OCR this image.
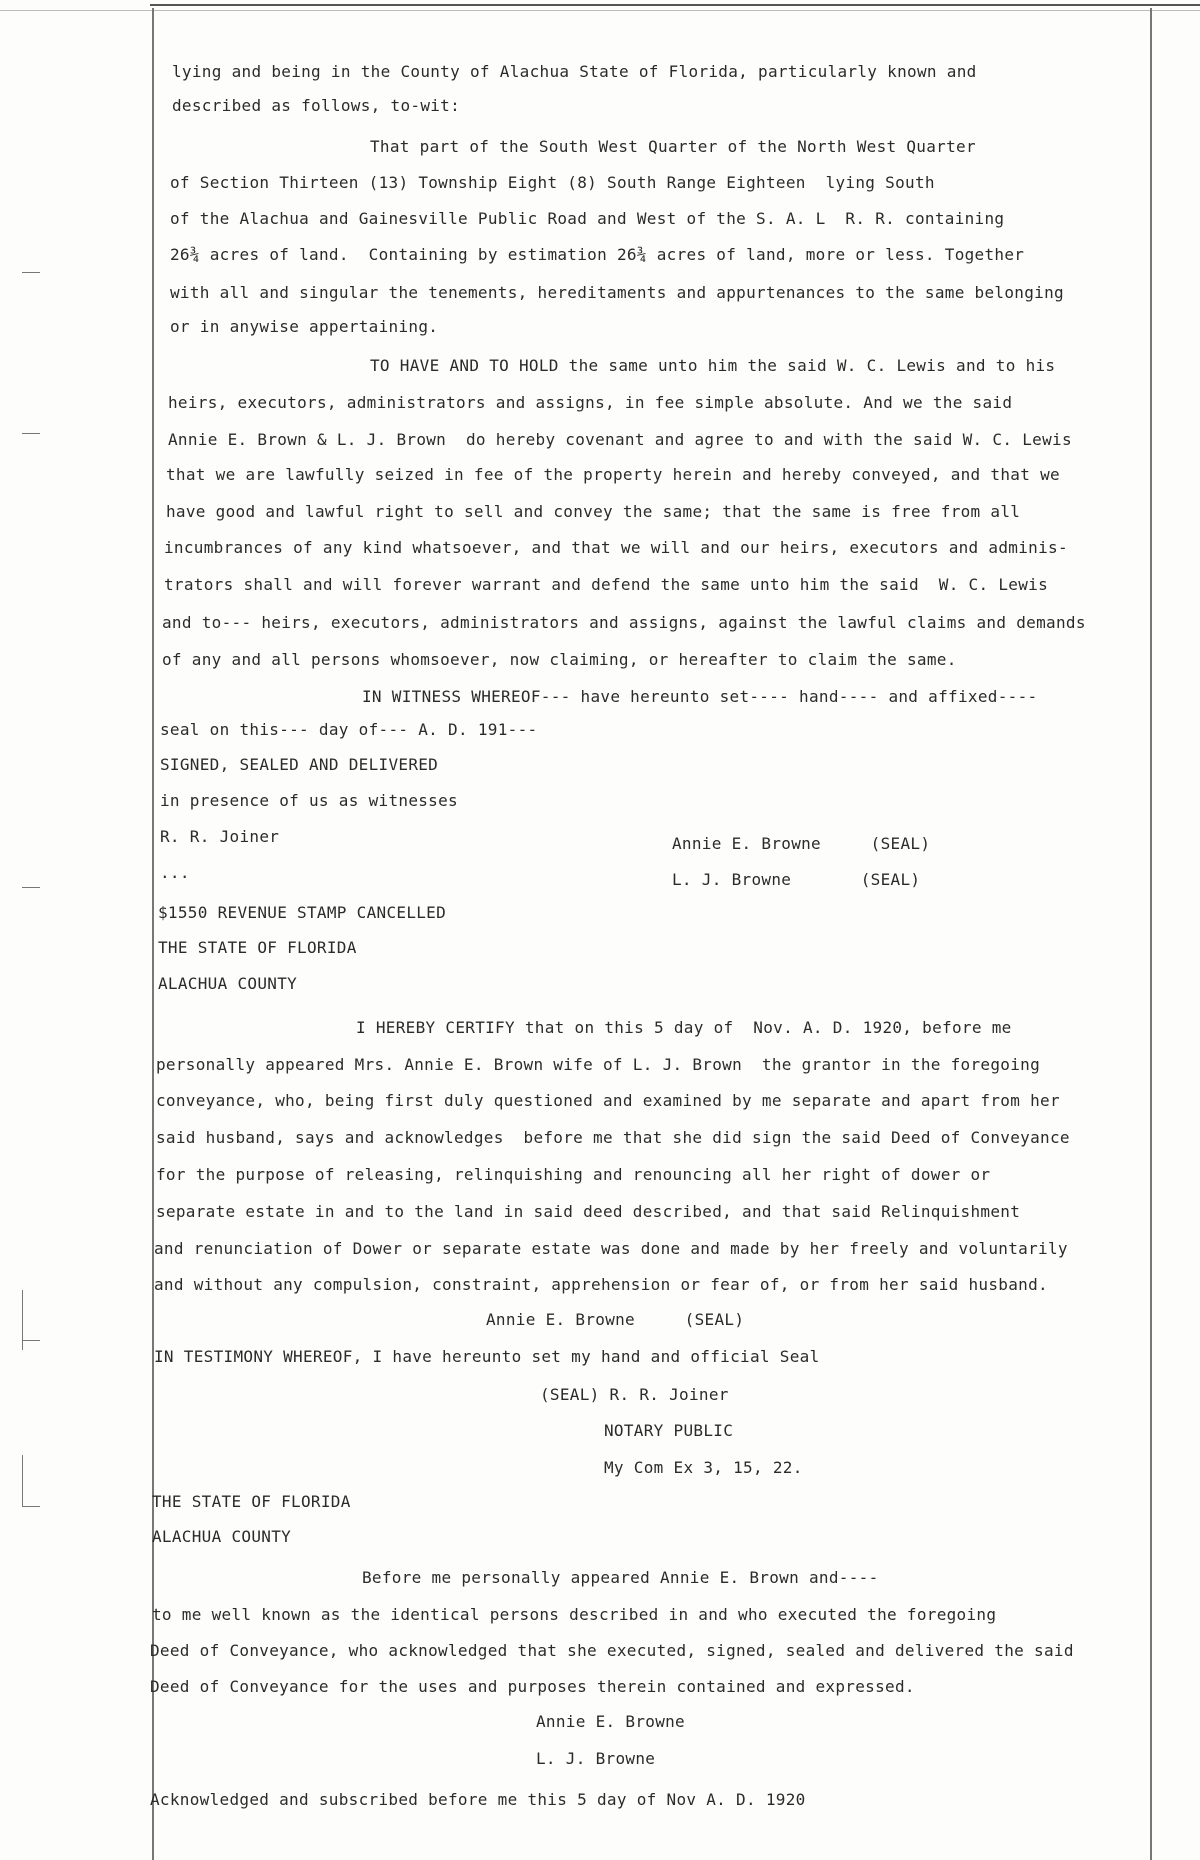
lying and being in the County of Alachua State of Florida, particularly known and
described as follows, to-wit:
That part of the South West Quarter of the North West Quarter
of Section Thirteen (13) Township Eight (8) South Range Eighteen  lying South
of the Alachua and Gainesville Public Road and West of the S. A. L  R. R. containing
26¾ acres of land.  Containing by estimation 26¾ acres of land, more or less. Together
with all and singular the tenements, hereditaments and appurtenances to the same belonging
or in anywise appertaining.
TO HAVE AND TO HOLD the same unto him the said W. C. Lewis and to his
heirs, executors, administrators and assigns, in fee simple absolute. And we the said
Annie E. Brown & L. J. Brown  do hereby covenant and agree to and with the said W. C. Lewis
that we are lawfully seized in fee of the property herein and hereby conveyed, and that we
have good and lawful right to sell and convey the same; that the same is free from all
incumbrances of any kind whatsoever, and that we will and our heirs, executors and adminis-
trators shall and will forever warrant and defend the same unto him the said  W. C. Lewis
and to--- heirs, executors, administrators and assigns, against the lawful claims and demands
of any and all persons whomsoever, now claiming, or hereafter to claim the same.
IN WITNESS WHEREOF--- have hereunto set---- hand---- and affixed----
seal on this--- day of--- A. D. 191---
SIGNED, SEALED AND DELIVERED
in presence of us as witnesses
R. R. Joiner	Annie E. Browne     (SEAL)
...	L. J. Browne       (SEAL)
$1550 REVENUE STAMP CANCELLED
THE STATE OF FLORIDA
ALACHUA COUNTY
I HEREBY CERTIFY that on this 5 day of  Nov. A. D. 1920, before me
personally appeared Mrs. Annie E. Brown wife of L. J. Brown  the grantor in the foregoing
conveyance, who, being first duly questioned and examined by me separate and apart from her
said husband, says and acknowledges  before me that she did sign the said Deed of Conveyance
for the purpose of releasing, relinquishing and renouncing all her right of dower or
separate estate in and to the land in said deed described, and that said Relinquishment
and renunciation of Dower or separate estate was done and made by her freely and voluntarily
and without any compulsion, constraint, apprehension or fear of, or from her said husband.
Annie E. Browne     (SEAL)
IN TESTIMONY WHEREOF, I have hereunto set my hand and official Seal
(SEAL) R. R. Joiner
NOTARY PUBLIC
My Com Ex 3, 15, 22.
THE STATE OF FLORIDA
ALACHUA COUNTY
Before me personally appeared Annie E. Brown and----
to me well known as the identical persons described in and who executed the foregoing
Deed of Conveyance, who acknowledged that she executed, signed, sealed and delivered the said
Deed of Conveyance for the uses and purposes therein contained and expressed.
Annie E. Browne
L. J. Browne
Acknowledged and subscribed before me this 5 day of Nov A. D. 1920
